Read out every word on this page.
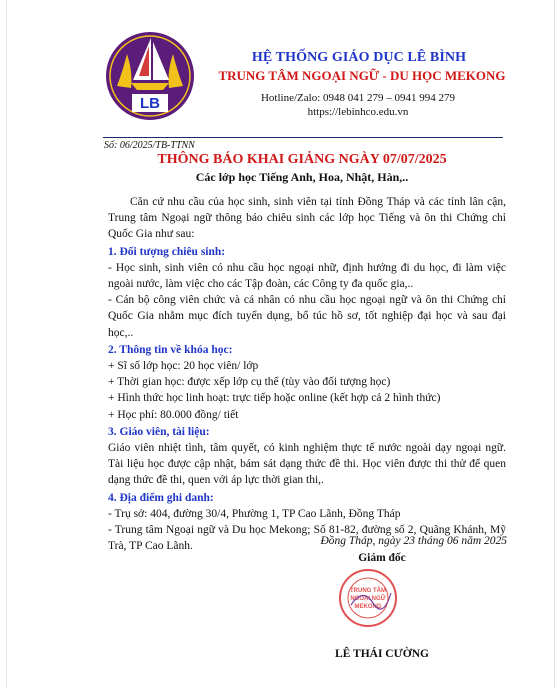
LB
HỆ THỐNG GIÁO DỤC LÊ BÌNH
TRUNG TÂM NGOẠI NGỮ - DU HỌC MEKONG
Hotline/Zalo: 0948 041 279 – 0941 994 279
https://lebinhco.edu.vn
Số: 06/2025/TB-TTNN
THÔNG BÁO KHAI GIẢNG NGÀY 07/07/2025
Các lớp học Tiếng Anh, Hoa, Nhật, Hàn,..

Căn cứ nhu cầu của học sinh, sinh viên tại tỉnh Đồng Tháp và các tỉnh lân cận, Trung tâm Ngoại ngữ thông báo chiêu sinh các lớp học Tiếng và ôn thi Chứng chỉ Quốc Gia như sau:

1. Đối tượng chiêu sinh:

- Học sinh, sinh viên có nhu cầu học ngoại nhữ, định hướng đi du học, đi làm việc ngoài nước, làm việc cho các Tập đoàn, các Công ty đa quốc gia,..

- Cán bộ công viên chức và cá nhân có nhu cầu học ngoại ngữ và ôn thi Chứng chỉ Quốc Gia nhằm mục đích tuyển dụng, bổ túc hồ sơ, tốt nghiệp đại học và sau đại học,..

2. Thông tin về khóa học:

+ Sĩ số lớp học: 20 học viên/ lớp

+ Thời gian học: được xếp lớp cụ thể (tùy vào đối tượng học)

+ Hình thức học linh hoạt: trực tiếp hoặc online (kết hợp cả 2 hình thức)

+ Học phí: 80.000 đồng/ tiết

3. Giáo viên, tài liệu:

Giáo viên nhiệt tình, tâm quyết, có kinh nghiệm thực tế nước ngoài dạy ngoại ngữ. Tài liệu học được cập nhật, bám sát dạng thức đề thi. Học viên được thi thử để quen dạng thức đề thi, quen với áp lực thời gian thi,.

4. Địa điểm ghi danh:

- Trụ sở: 404, đường 30/4, Phường 1, TP Cao Lãnh, Đồng Tháp

- Trung tâm Ngoại ngữ và Du học Mekong; Số 81-82, đường số 2, Quãng Khánh, Mỹ Trà, TP Cao Lãnh.	Đồng Tháp, ngày 23 tháng 06 năm 2025
Giám đốc
TRUNG TÂM
NGOẠI NGỮ
MEKONG
LÊ THÁI CƯỜNG
